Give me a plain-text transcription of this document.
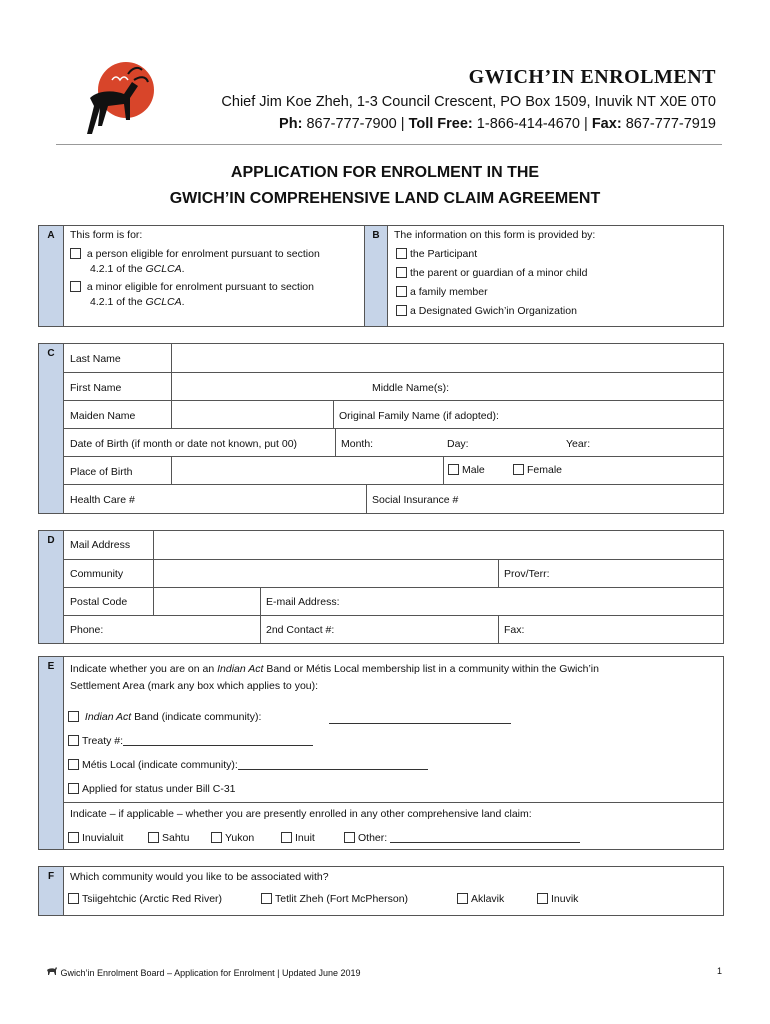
GWICH’IN ENROLMENT
Chief Jim Koe Zheh, 1-3 Council Crescent, PO Box 1509, Inuvik NT X0E 0T0
Ph: 867-777-7900 | Toll Free: 1-866-414-4670 | Fax: 867-777-7919
APPLICATION FOR ENROLMENT IN THE
GWICH’IN COMPREHENSIVE LAND CLAIM AGREEMENT
A	This form is for:
a person eligible for enrolment pursuant to section
4.2.1 of the GCLCA.
a minor eligible for enrolment pursuant to section
4.2.1 of the GCLCA.
B	The information on this form is provided by:
the Participant
the parent or guardian of a minor child
a family member
a Designated Gwich’in Organization
C	Last Name
First Name	Middle Name(s):
Maiden Name	Original Family Name (if adopted):
Date of Birth (if month or date not known, put 00)	Month:	Day:	Year:
Place of Birth	Male	Female
Health Care #	Social Insurance #
D	Mail Address
Community	Prov/Terr:
Postal Code	E-mail Address:
Phone:	2nd Contact #:	Fax:
E	Indicate whether you are on an Indian Act Band or Métis Local membership list in a community within the Gwich’in
Settlement Area (mark any box which applies to you):
Indian Act Band (indicate community):
Treaty #:
Métis Local (indicate community):
Applied for status under Bill C-31
Indicate – if applicable – whether you are presently enrolled in any other comprehensive land claim:
Inuvialuit	Sahtu	Yukon	Inuit	Other:
F	Which community would you like to be associated with?
Tsiigehtchic (Arctic Red River)	Tetlit Zheh (Fort McPherson)	Aklavik	Inuvik
Gwich’in Enrolment Board – Application for Enrolment | Updated June 2019	1
